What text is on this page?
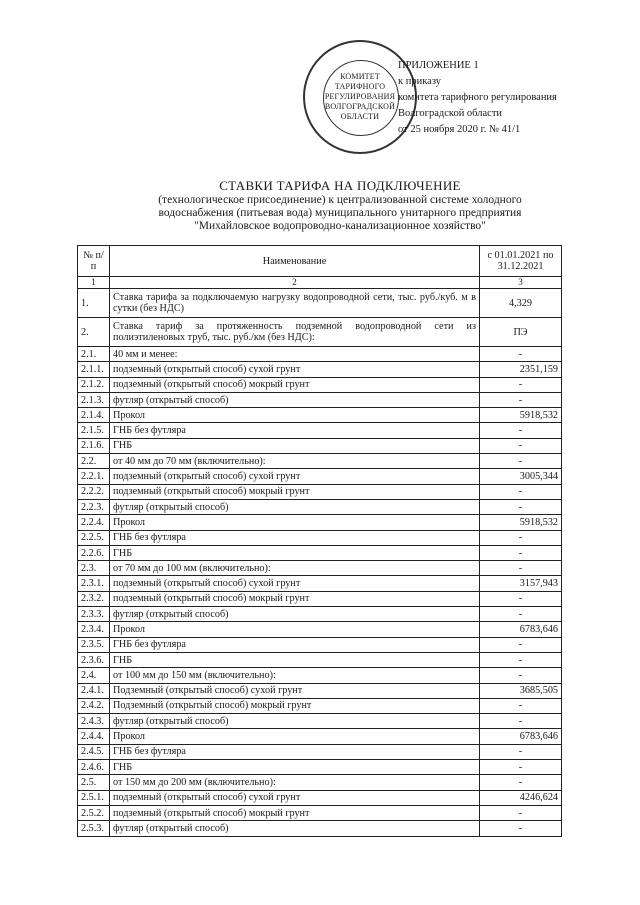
КОМИТЕТ
ТАРИФНОГО
РЕГУЛИРОВАНИЯ
ВОЛГОГРАДСКОЙ
ОБЛАСТИ
ПРИЛОЖЕНИЕ 1
к приказу
комитета тарифного регулирования
Волгоградской области
от 25 ноября 2020 г. № 41/1
СТАВКИ ТАРИФА НА ПОДКЛЮЧЕНИЕ
(технологическое присоединение) к централизованной системе холодного
водоснабжения (питьевая вода) муниципального унитарного предприятия
"Михайловское водопроводно-канализационное хозяйство"
№ п/п	Наименование	с 01.01.2021 по 31.12.2021
1	2	3
1.	Ставка тарифа за подключаемую нагрузку водопроводной сети, тыс. руб./куб. м в сутки (без НДС)	4,329
2.	Ставка тариф за протяженность подземной водопроводной сети из полиэтиленовых труб, тыс. руб./км (без НДС):	ПЭ
2.1.	40 мм и менее:	-
2.1.1.	подземный (открытый способ) сухой грунт	2351,159
2.1.2.	подземный (открытый способ) мокрый грунт	-
2.1.3.	футляр (открытый способ)	-
2.1.4.	Прокол	5918,532
2.1.5.	ГНБ без футляра	-
2.1.6.	ГНБ	-
2.2.	от 40 мм до 70 мм (включительно):	-
2.2.1.	подземный (открытый способ) сухой грунт	3005,344
2.2.2.	подземный (открытый способ) мокрый грунт	-
2.2.3.	футляр (открытый способ)	-
2.2.4.	Прокол	5918,532
2.2.5.	ГНБ без футляра	-
2.2.6.	ГНБ	-
2.3.	от 70 мм до 100 мм (включительно):	-
2.3.1.	подземный (открытый способ) сухой грунт	3157,943
2.3.2.	подземный (открытый способ) мокрый грунт	-
2.3.3.	футляр (открытый способ)	-
2.3.4.	Прокол	6783,646
2.3.5.	ГНБ без футляра	-
2.3.6.	ГНБ	-
2.4.	от 100 мм до 150 мм (включительно):	-
2.4.1.	Подземный (открытый способ) сухой грунт	3685,505
2.4.2.	Подземный (открытый способ) мокрый грунт	-
2.4.3.	футляр (открытый способ)	-
2.4.4.	Прокол	6783,646
2.4.5.	ГНБ без футляра	-
2.4.6.	ГНБ	-
2.5.	от 150 мм до 200 мм (включительно):	-
2.5.1.	подземный (открытый способ) сухой грунт	4246,624
2.5.2.	подземный (открытый способ) мокрый грунт	-
2.5.3.	футляр (открытый способ)	-
